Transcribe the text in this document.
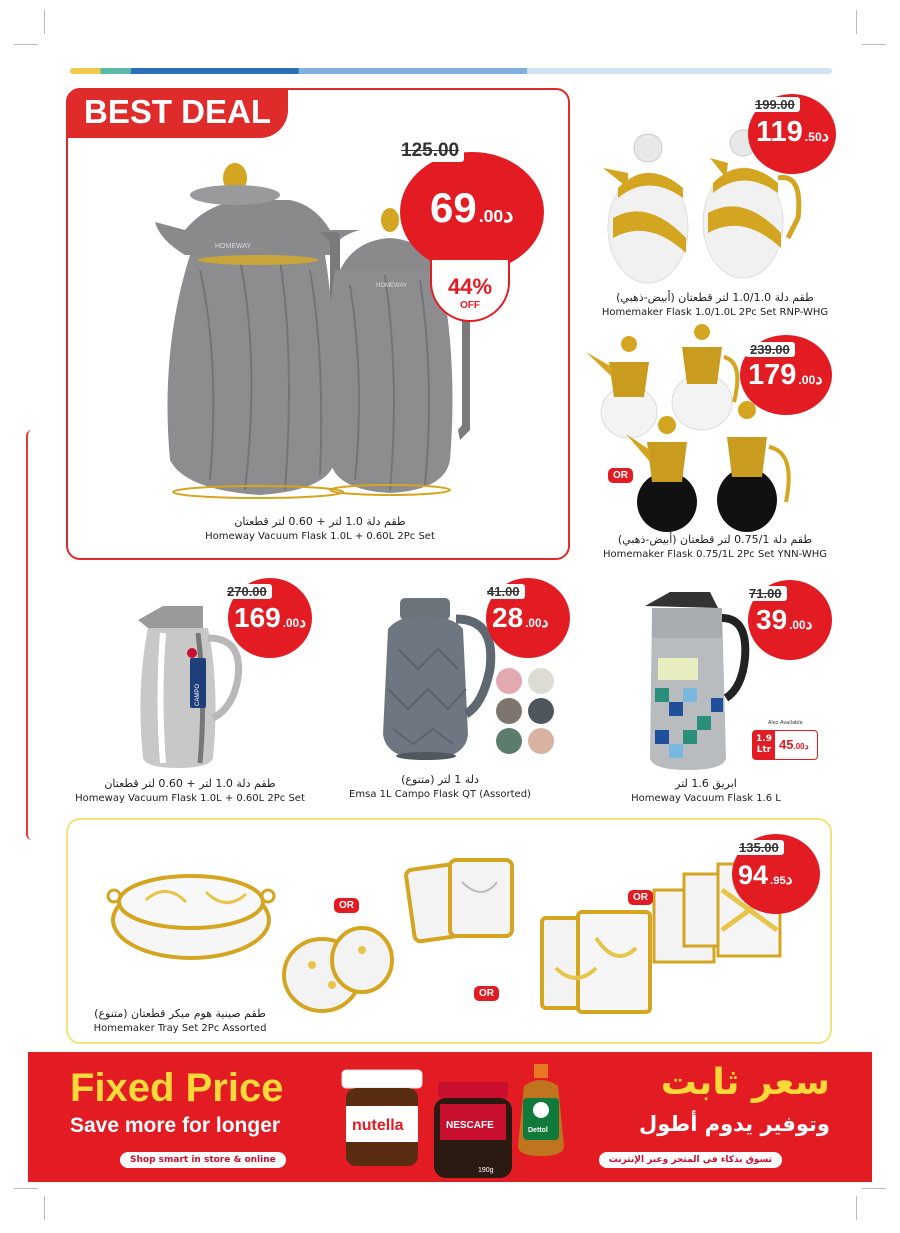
BEST DEAL
HOMEWAY
HOMEWAY
د69 .00
125.00
44%
OFF
طقم دلة 1.0 لتر + 0.60 لتر قطعتان
Homeway Vacuum Flask 1.0L + 0.60L 2Pc Set
د119 .50
199.00
طقم دلة 1.0/1.0 لتر قطعتان (أبيض-ذهبي)
Homemaker Flask 1.0/1.0L 2Pc Set RNP-WHG
د179 .00
239.00
OR
طقم دلة 0.75/1 لتر قطعتان (أبيض-ذهبي)
Homemaker Flask 0.75/1L 2Pc Set YNN-WHG
CAMPO
د169 .00
270.00
طقم دلة 1.0 لتر + 0.60 لتر قطعتان
Homeway Vacuum Flask 1.0L + 0.60L 2Pc Set
د28 .00
41.00
دلة 1 لتر (متنوع)
Emsa 1L Campo Flask QT (Assorted)
د39 .00
71.00
Also Available
1.9
Ltr	د45.00
ابريق 1.6 لتر
Homeway Vacuum Flask 1.6 L
OR
OR
OR
د94 .95
135.00
طقم صينية هوم ميكر قطعتان (متنوع)
Homemaker Tray Set 2Pc Assorted
Fixed Price
Save more for longer
Shop smart in store & online
nutella	NESCAFE
190g
Dettol
سعر ثابت
وتوفير يدوم أطول
تسوق بذكاء في المتجر وعبر الإنترنت
